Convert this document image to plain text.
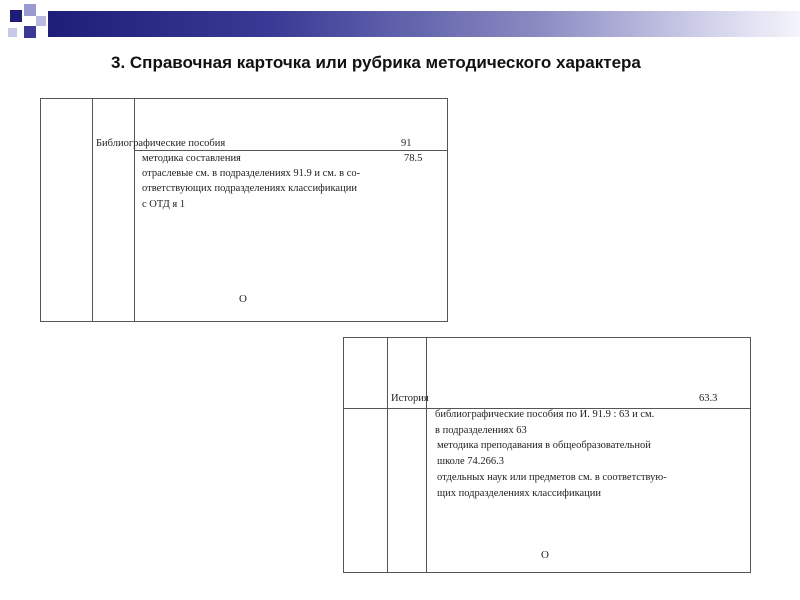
3. Справочная карточка или рубрика методического характера
Библиографические пособия	91
методика составления	78.5
отраслевые см. в подразделениях 91.9 и см. в со-
ответствующих подразделениях классификации
с ОТД я 1
О
История	63.3
библиографические пособия по И. 91.9 : 63 и см.
в подразделениях 63
методика преподавания в общеобразовательной
школе 74.266.3
отдельных наук или предметов см. в соответствую-
щих подразделениях классификации
О
